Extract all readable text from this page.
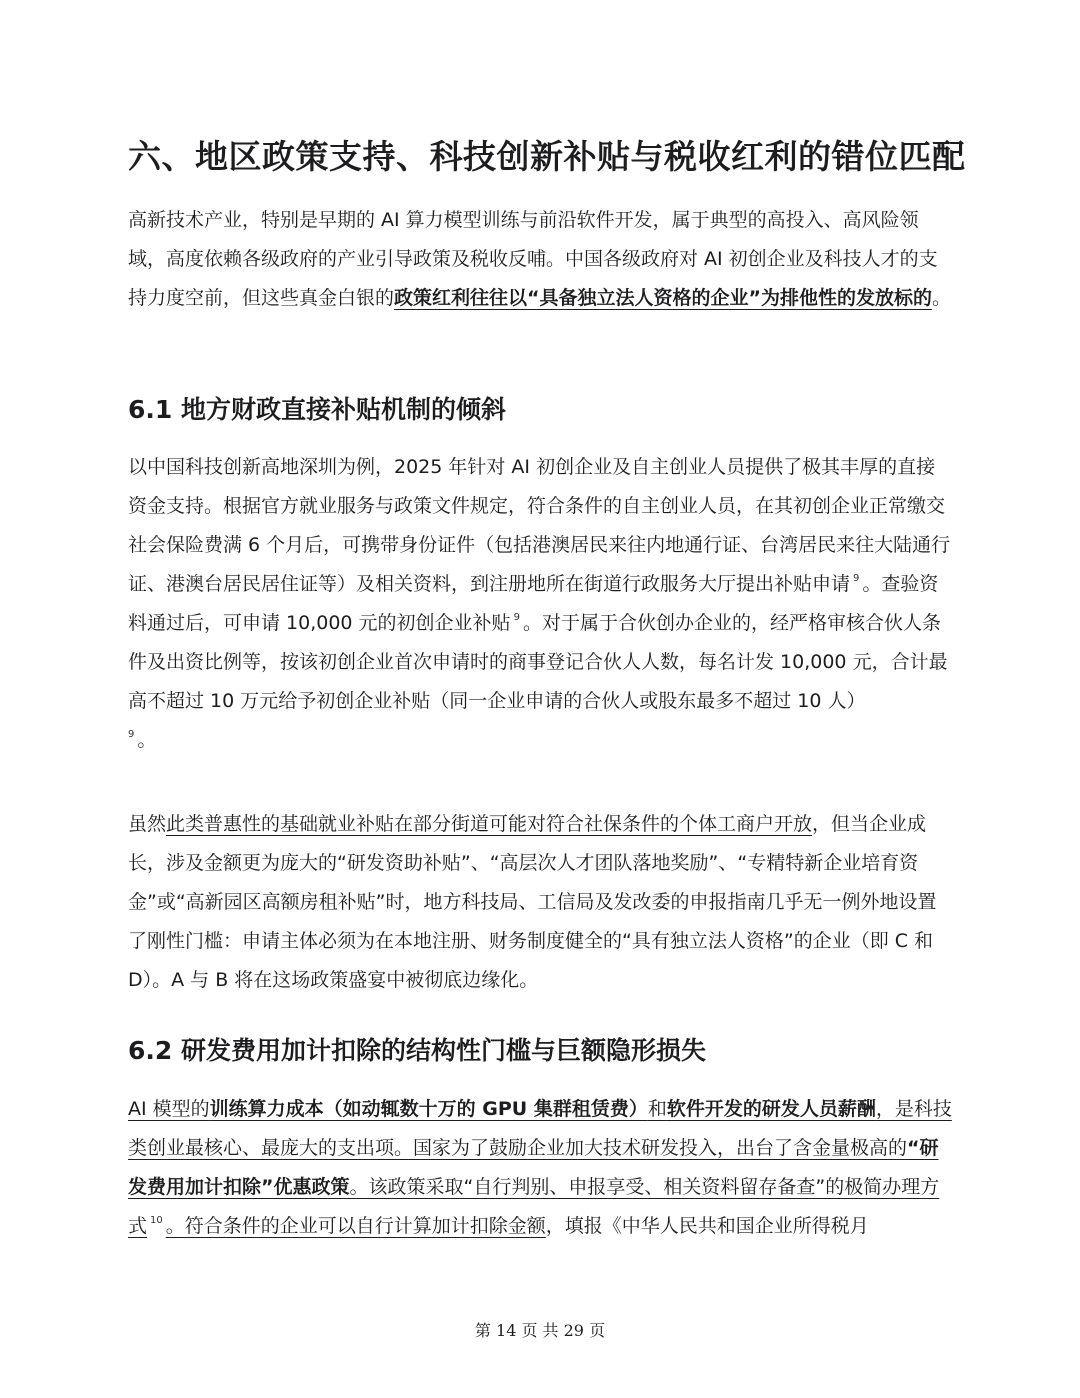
六、地区政策支持、科技创新补贴与税收红利的错位匹配

高新技术产业，特别是早期的 AI 算力模型训练与前沿软件开发，属于典型的高投入、高风险领域，高度依赖各级政府的产业引导政策及税收反哺。中国各级政府对 AI 初创企业及科技人才的支持力度空前，但这些真金白银的政策红利往往以“具备独立法人资格的企业”为排他性的发放标的。

6.1 地方财政直接补贴机制的倾斜

以中国科技创新高地深圳为例，2025 年针对 AI 初创企业及自主创业人员提供了极其丰厚的直接资金支持。根据官方就业服务与政策文件规定，符合条件的自主创业人员，在其初创企业正常缴交社会保险费满 6 个月后，可携带身份证件（包括港澳居民来往内地通行证、台湾居民来往大陆通行证、港澳台居民居住证等）及相关资料，到注册地所在街道行政服务大厅提出补贴申请 $^9$ 。查验资料通过后，可申请 10,000 元的初创企业补贴 $^9$ 。对于属于合伙创办企业的，经严格审核合伙人条件及出资比例等，按该初创企业首次申请时的商事登记合伙人人数，每名计发 10,000 元，合计最高不超过 10 万元给予初创企业补贴（同一企业申请的合伙人或股东最多不超过 10 人）
$^9$ 。

虽然此类普惠性的基础就业补贴在部分街道可能对符合社保条件的个体工商户开放，但当企业成长，涉及金额更为庞大的“研发资助补贴”、“高层次人才团队落地奖励”、“专精特新企业培育资金”或“高新园区高额房租补贴”时，地方科技局、工信局及发改委的申报指南几乎无一例外地设置了刚性门槛：申请主体必须为在本地注册、财务制度健全的“具有独立法人资格”的企业（即 C 和 D）。A 与 B 将在这场政策盛宴中被彻底边缘化。

6.2 研发费用加计扣除的结构性门槛与巨额隐形损失

AI 模型的训练算力成本（如动辄数十万的 GPU 集群租赁费）和软件开发的研发人员薪酬，是科技类创业最核心、最庞大的支出项。国家为了鼓励企业加大技术研发投入，出台了含金量极高的“研发费用加计扣除”优惠政策。该政策采取“自行判别、申报享受、相关资料留存备查”的极简办理方式 $^{10}$ 。符合条件的企业可以自行计算加计扣除金额，填报《中华人民共和国企业所得税月

第 14 页 共 29 页
